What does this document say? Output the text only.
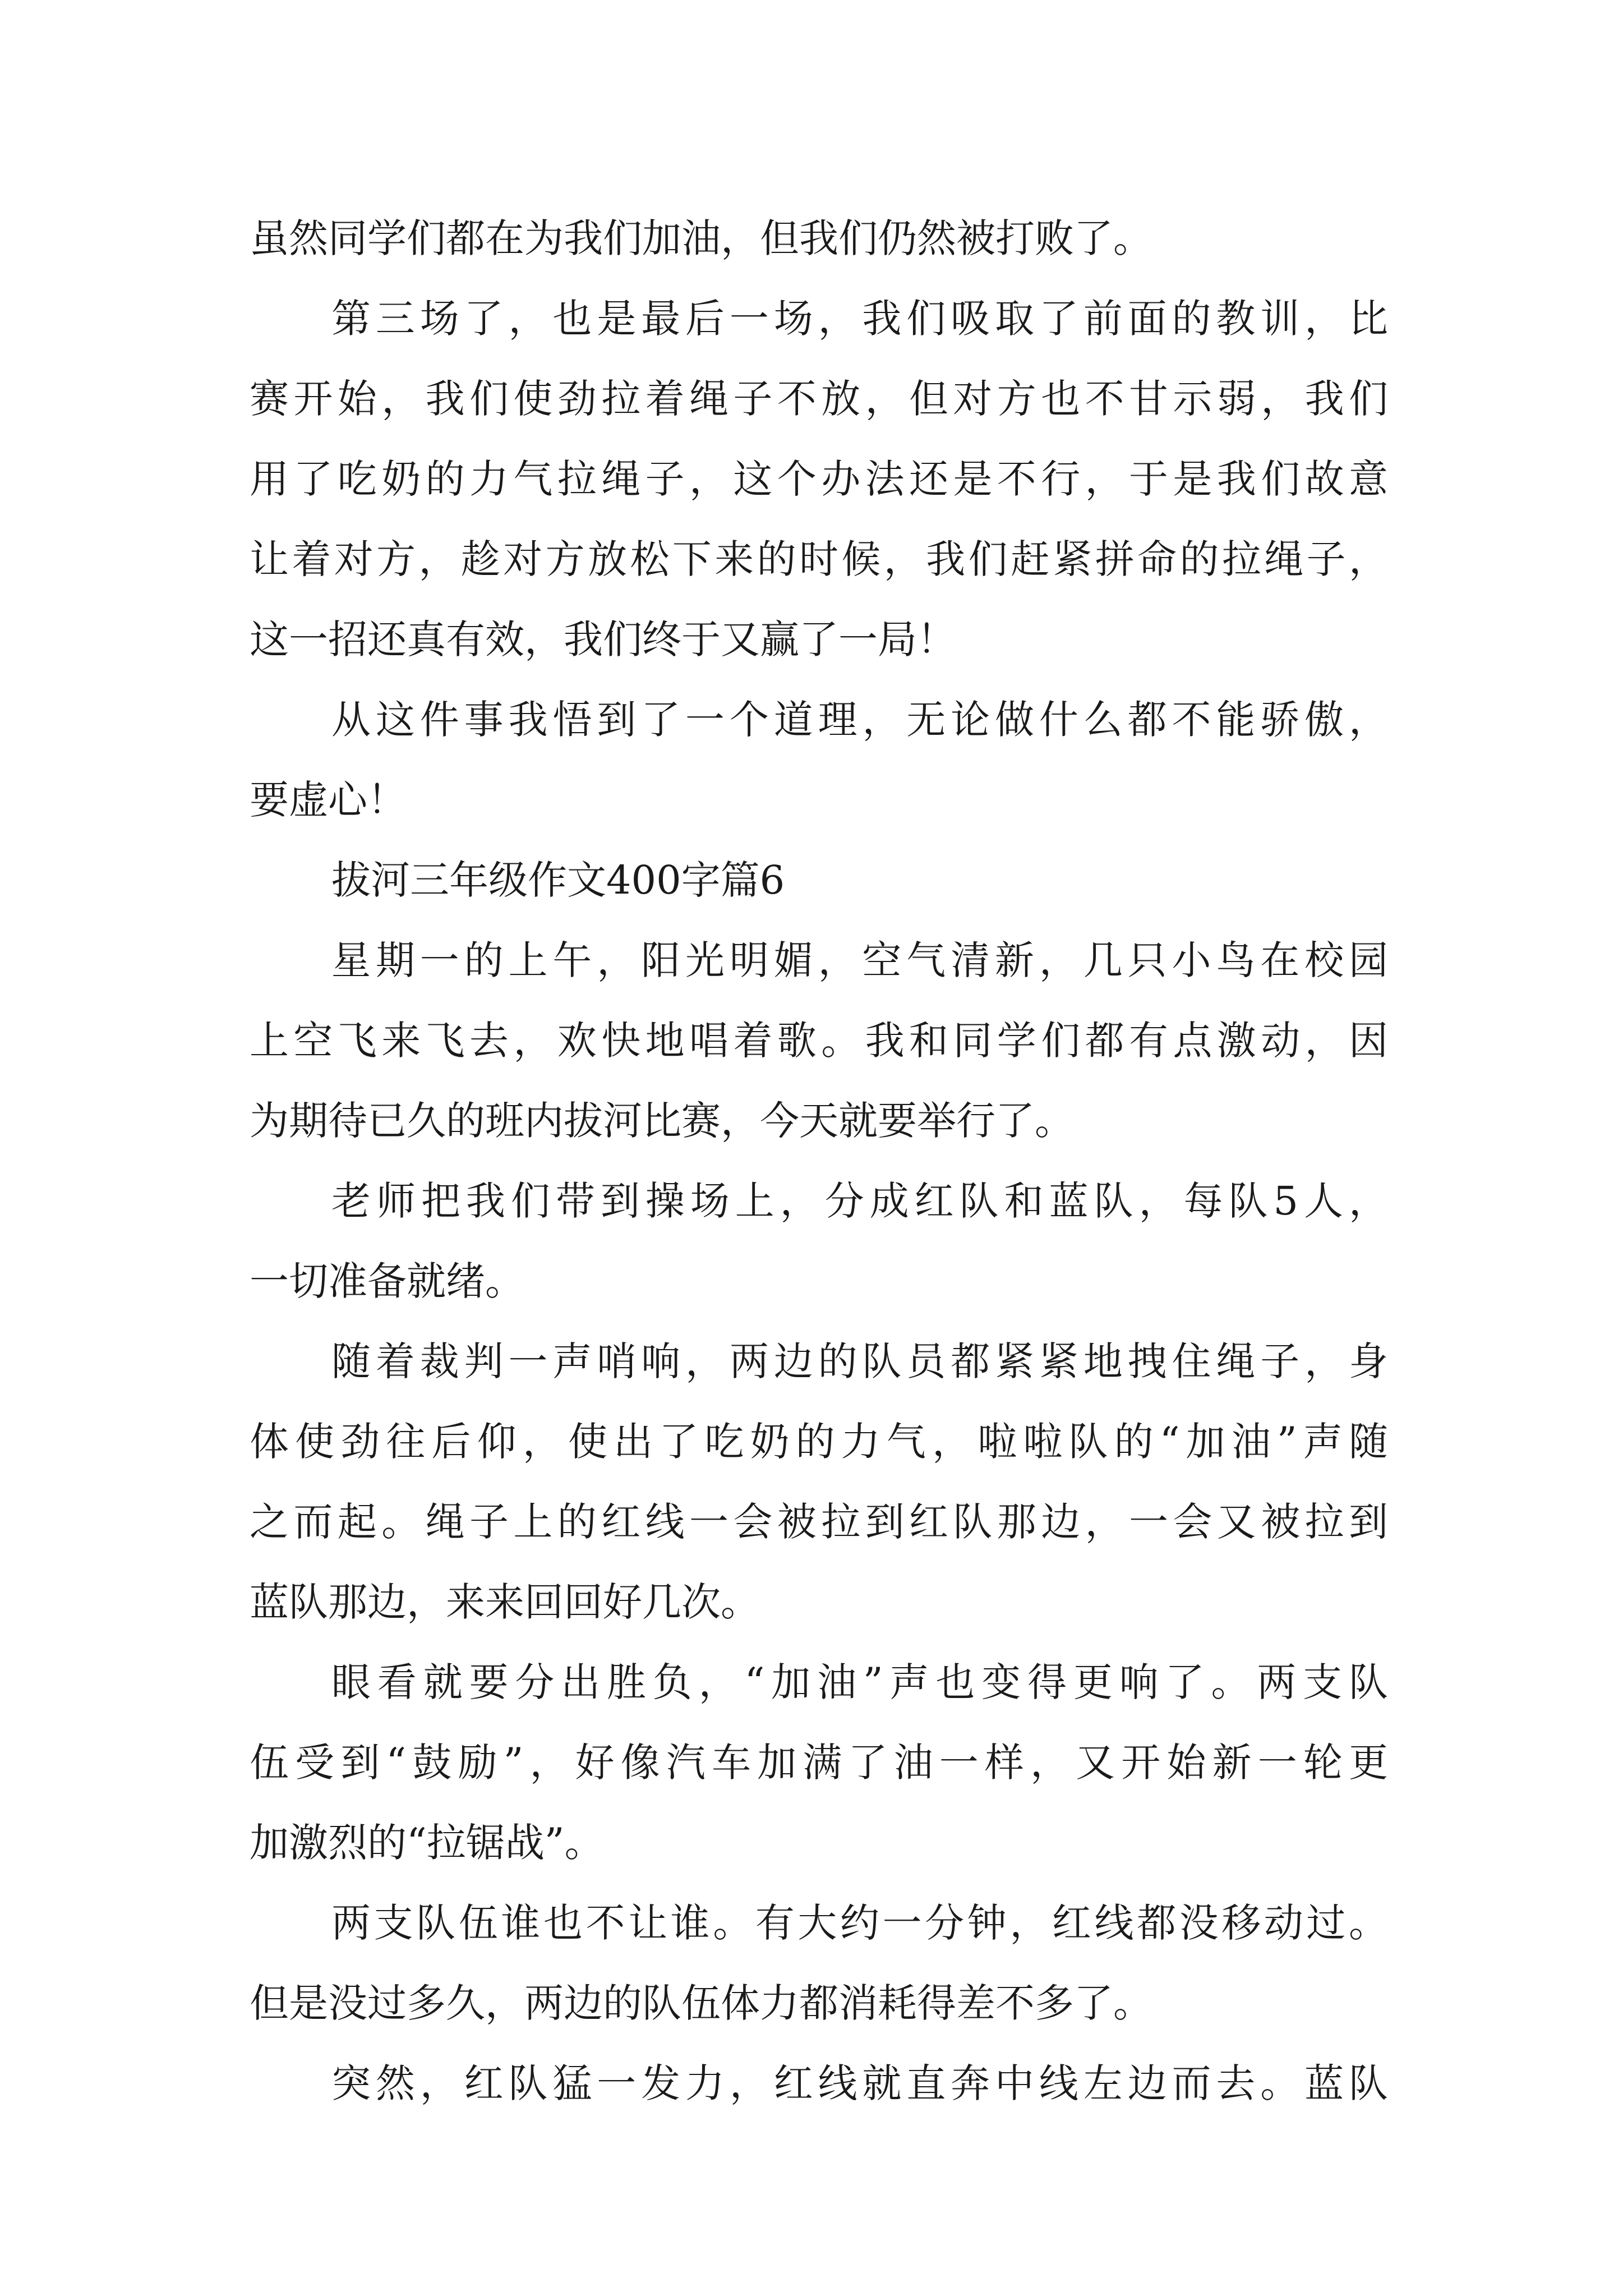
虽然同学们都在为我们加油，但我们仍然被打败了。
第三场了，也是最后一场，我们吸取了前面的教训，比
赛开始，我们使劲拉着绳子不放，但对方也不甘示弱，我们
用了吃奶的力气拉绳子，这个办法还是不行，于是我们故意
让着对方，趁对方放松下来的时候，我们赶紧拼命的拉绳子，
这一招还真有效，我们终于又赢了一局！
从这件事我悟到了一个道理，无论做什么都不能骄傲，
要虚心！
拔河三年级作文400字篇6
星期一的上午，阳光明媚，空气清新，几只小鸟在校园
上空飞来飞去，欢快地唱着歌。我和同学们都有点激动，因
为期待已久的班内拔河比赛，今天就要举行了。
老师把我们带到操场上，分成红队和蓝队，每队5人，
一切准备就绪。
随着裁判一声哨响，两边的队员都紧紧地拽住绳子，身
体使劲往后仰，使出了吃奶的力气，啦啦队的“加油”声随
之而起。绳子上的红线一会被拉到红队那边，一会又被拉到
蓝队那边，来来回回好几次。
眼看就要分出胜负，“加油”声也变得更响了。两支队
伍受到“鼓励”，好像汽车加满了油一样，又开始新一轮更
加激烈的“拉锯战”。
两支队伍谁也不让谁。有大约一分钟，红线都没移动过。
但是没过多久，两边的队伍体力都消耗得差不多了。
突然，红队猛一发力，红线就直奔中线左边而去。蓝队
